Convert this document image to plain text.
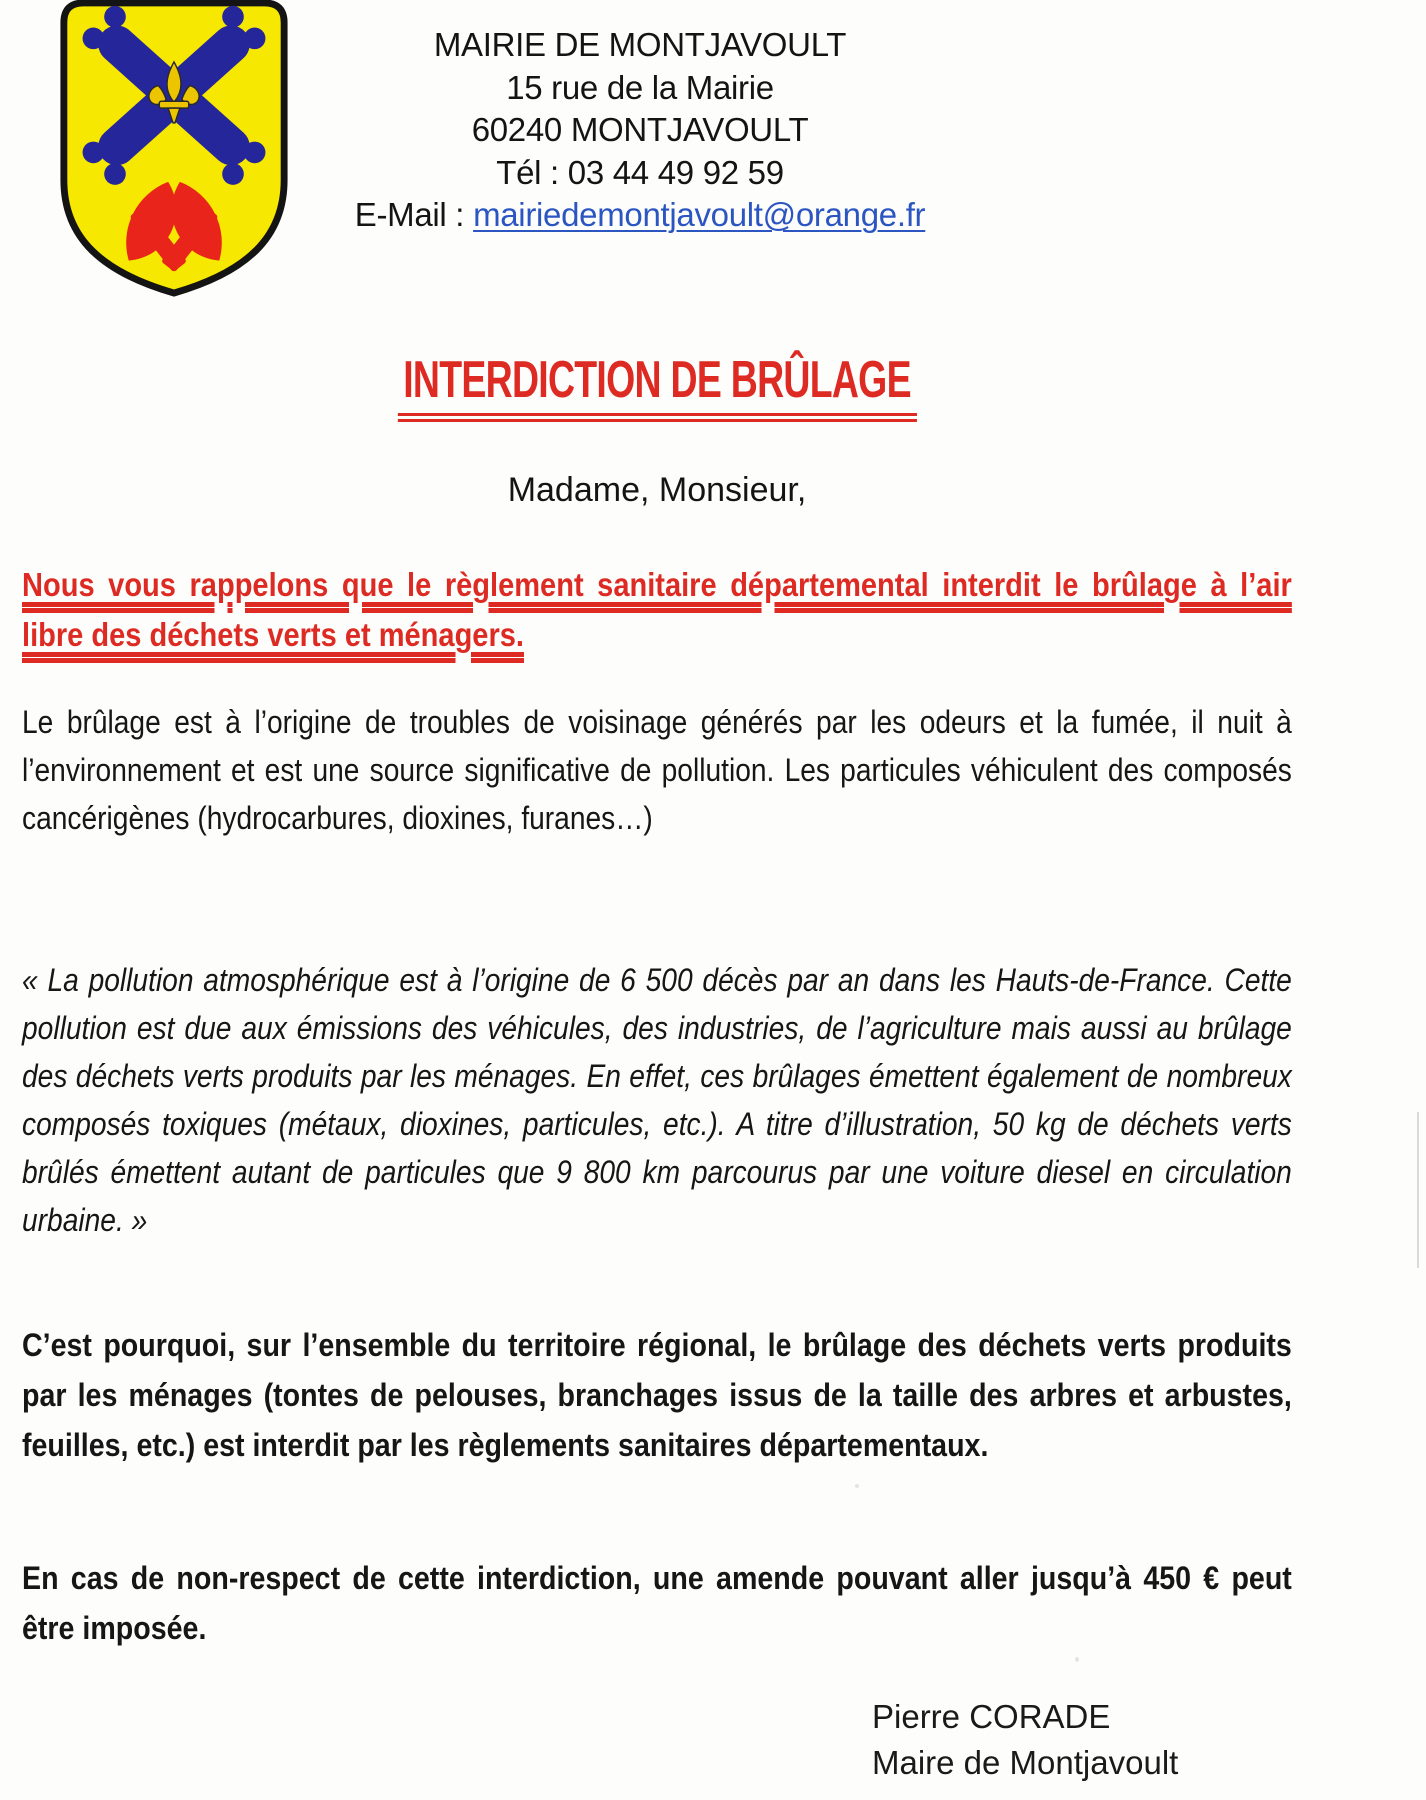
MAIRIE DE MONTJAVOULT
15 rue de la Mairie
60240 MONTJAVOULT
Tél : 03 44 49 92 59
E-Mail : mairiedemontjavoult@orange.fr
INTERDICTION DE BRÛLAGE
Madame, Monsieur,
Nous vous rappelons que le règlement sanitaire départemental interdit le brûlage à l’air libre des déchets verts et ménagers.
Le brûlage est à l’origine de troubles de voisinage générés par les odeurs et la fumée, il nuit à l’environnement et est une source significative de pollution. Les particules véhiculent des composés cancérigènes (hydrocarbures, dioxines, furanes…)
« La pollution atmosphérique est à l’origine de 6 500 décès par an dans les Hauts-de-France. Cette pollution est due aux émissions des véhicules, des industries, de l’agriculture mais aussi au brûlage des déchets verts produits par les ménages. En effet, ces brûlages émettent également de nombreux composés toxiques (métaux, dioxines, particules, etc.). A titre d’illustration, 50 kg de déchets verts brûlés émettent autant de particules que 9 800 km parcourus par une voiture diesel en circulation urbaine. »
C’est pourquoi, sur l’ensemble du territoire régional, le brûlage des déchets verts produits par les ménages (tontes de pelouses, branchages issus de la taille des arbres et arbustes, feuilles, etc.) est interdit par les règlements sanitaires départementaux.
En cas de non-respect de cette interdiction, une amende pouvant aller jusqu’à 450 € peut être imposée.
Pierre CORADE
Maire de Montjavoult
